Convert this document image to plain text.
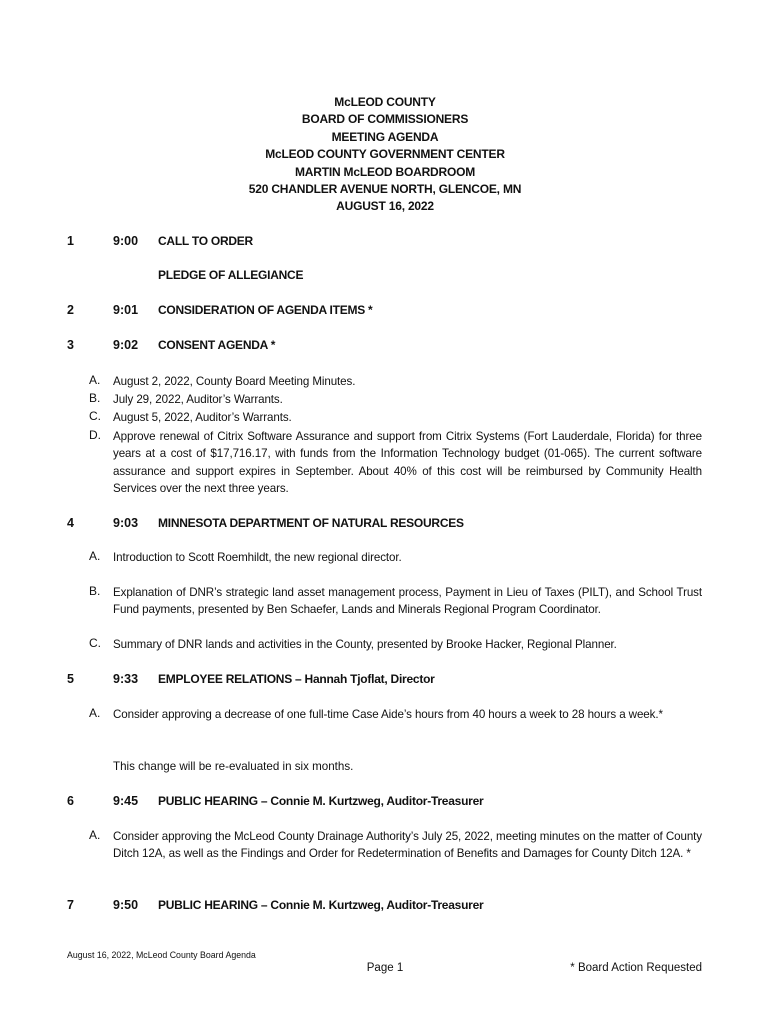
McLEOD COUNTY
BOARD OF COMMISSIONERS
MEETING AGENDA
McLEOD COUNTY GOVERNMENT CENTER
MARTIN McLEOD BOARDROOM
520 CHANDLER AVENUE NORTH, GLENCOE, MN
AUGUST 16, 2022
1	9:00 CALL TO ORDER
PLEDGE OF ALLEGIANCE
2	9:01 CONSIDERATION OF AGENDA ITEMS *
3	9:02 CONSENT AGENDA *
A. August 2, 2022, County Board Meeting Minutes.
B. July 29, 2022, Auditor’s Warrants.
C. August 5, 2022, Auditor’s Warrants.
D. Approve renewal of Citrix Software Assurance and support from Citrix Systems (Fort Lauderdale, Florida) for three years at a cost of $17,716.17, with funds from the Information Technology budget (01-065). The current software assurance and support expires in September. About 40% of this cost will be reimbursed by Community Health Services over the next three years.
4	9:03 MINNESOTA DEPARTMENT OF NATURAL RESOURCES
A. Introduction to Scott Roemhildt, the new regional director.
B. Explanation of DNR’s strategic land asset management process, Payment in Lieu of Taxes (PILT), and School Trust Fund payments, presented by Ben Schaefer, Lands and Minerals Regional Program Coordinator.
C. Summary of DNR lands and activities in the County, presented by Brooke Hacker, Regional Planner.
5	9:33 EMPLOYEE RELATIONS – Hannah Tjoflat, Director
A. Consider approving a decrease of one full-time Case Aide’s hours from 40 hours a week to 28 hours a week.*
This change will be re-evaluated in six months.
6	9:45 PUBLIC HEARING – Connie M. Kurtzweg, Auditor-Treasurer
A. Consider approving the McLeod County Drainage Authority’s July 25, 2022, meeting minutes on the matter of County Ditch 12A, as well as the Findings and Order for Redetermination of Benefits and Damages for County Ditch 12A. *
7	9:50 PUBLIC HEARING – Connie M. Kurtzweg, Auditor-Treasurer
August 16, 2022, McLeod County Board Agenda
Page 1	* Board Action Requested
